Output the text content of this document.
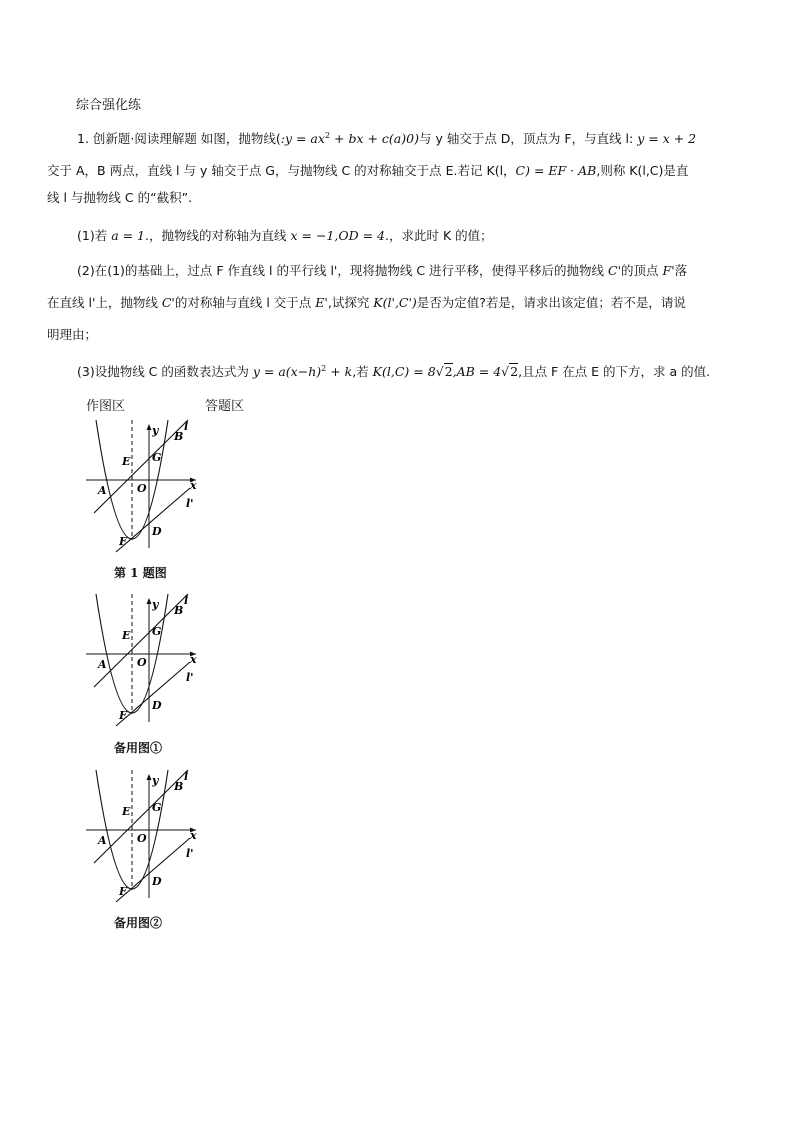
综合强化练
1. 创新题·阅读理解题 如图，抛物线(:y = $ax^2$ + bx + c(a)0)与 y 轴交于点 D，顶点为 F，与直线 l: y = x + 2
交于 A，B 两点，直线 l 与 y 轴交于点 G，与抛物线 C 的对称轴交于点 E.若记 K(l，C) = EF · AB,则称 K(l,C)是直
线 l 与抛物线 C 的“截积”.
(1)若 a = 1.，抛物线的对称轴为直线 x = −1,OD = 4.，求此时 K 的值；
(2)在(1)的基础上，过点 F 作直线 l 的平行线 l'，现将抛物线 C 进行平移，使得平移后的抛物线 C'的顶点 F'落
在直线 l'上，抛物线 C'的对称轴与直线 l 交于点 E',试探究 K(l',C')是否为定值?若是，请求出该定值；若不是，请说
明理由；
(3)设抛物线 C 的函数表达式为 $y = a(x-h)^2 + k$,若 K(l,C) = 8√2,AB = 4√2,且点 F 在点 E 的下方，求 a 的值.
作图区	答题区
l
y B
E G
x
A	O
l'
D
F
第 1 题图
l
y B
E G
x
A	O
l'
D
F
备用图①
l
y B
E G
x
A	O
l'
D
F
备用图②
